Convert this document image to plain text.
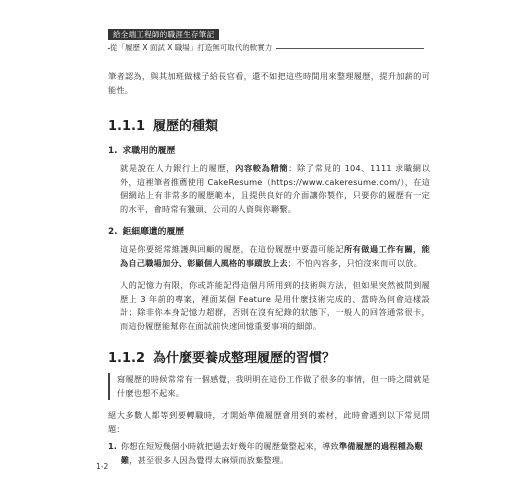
給全端工程師的職涯生存筆記
從「履歷 X 面試 X 職場」打造無可取代的軟實力

筆者認為，與其加班做樣子給長官看，還不如把這些時間用來整理履歷，提升加薪的可能性。

1.1.1 履歷的種類
1. 求職用的履歷

就是說在人力銀行上的履歷，內容較為精簡：除了常見的 104、1111 求職網以外，這裡筆者推薦使用 CakeResume（https://www.cakeresume.com/），在這個網站上有非常多的履歷範本，且提供良好的介面讓你製作，只要你的履歷有一定的水平，會時常有獵頭、公司的人資與你聯繫。

2. 鉅細靡遺的履歷

這是你要經常維護與回顧的履歷，在這份履歷中要盡可能記所有做過工作有關，能為自己職場加分、彰顯個人風格的事蹟放上去；不怕內容多，只怕沒來而可以放。

人的記憶力有限，你或許能記得這個月所用到的技術與方法，但如果突然被問到履歷上 3 年前的專案，裡面某個 Feature 是用什麼技術完成的、當時為何會這樣設計；除非你本身記憶力超群，否則在沒有紀錄的狀態下，一般人的回答通常很卡，而這份履歷能幫你在面試前快速回憶重要事項的細節。

1.1.2 為什麼要養成整理履歷的習慣？

寫履歷的時候常常有一個感覺，我明明在這份工作做了很多的事情，但一時之間就是什麼也想不起來。

絕大多數人都等到要轉職時，才開始準備履歷會用到的素材，此時會遇到以下常見問題：

1. 你想在短短幾個小時就把過去好幾年的履歷彙整起來，導致準備履歷的過程種為艱難，甚至很多人因為覺得太麻煩而放棄整理。
1-2
